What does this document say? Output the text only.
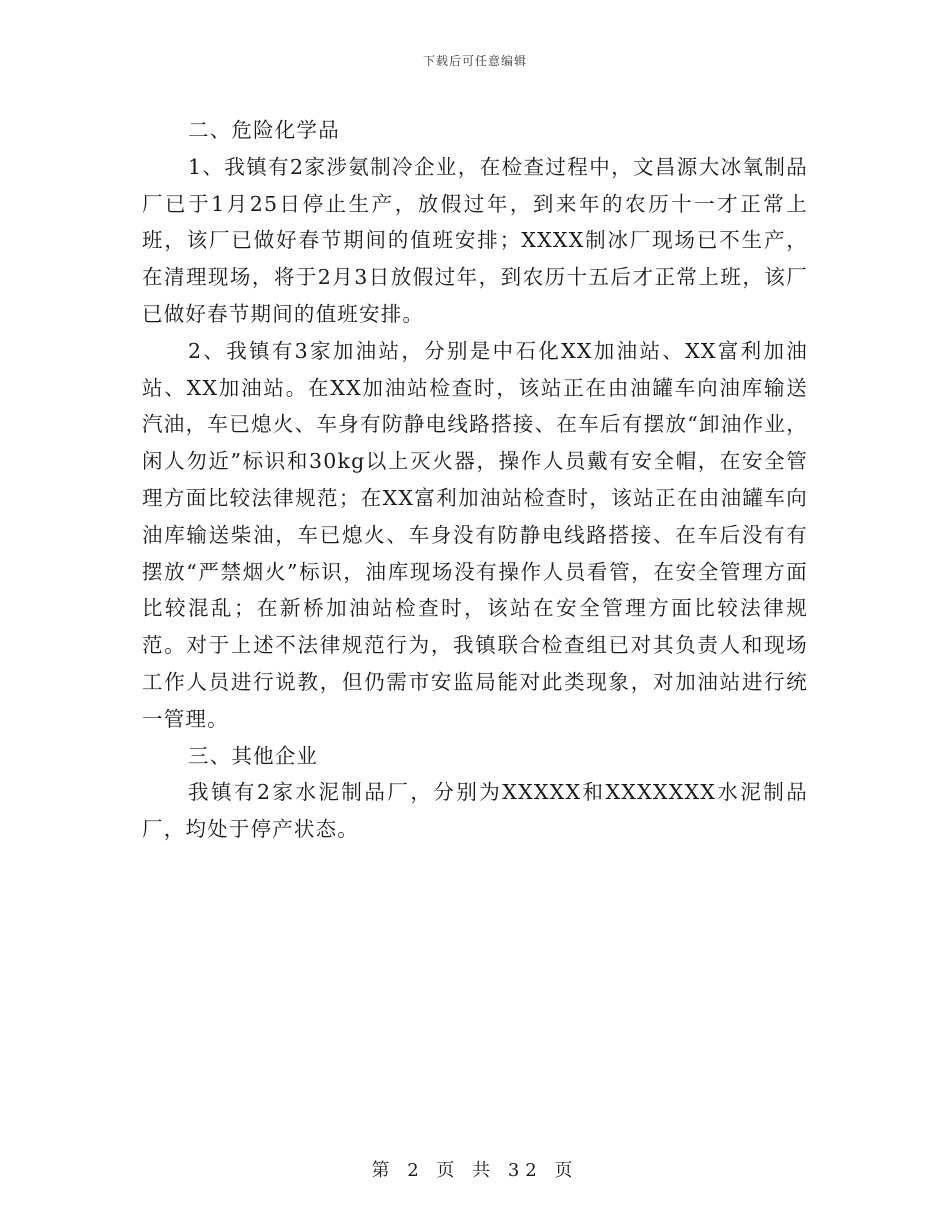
下载后可任意编辑

二、危险化学品

1、我镇有2家涉氨制冷企业，在检查过程中，文昌源大冰氧制品厂已于1月25日停止生产，放假过年，到来年的农历十一才正常上班，该厂已做好春节期间的值班安排；XXXX制冰厂现场已不生产，在清理现场，将于2月3日放假过年，到农历十五后才正常上班，该厂已做好春节期间的值班安排。

2、我镇有3家加油站，分别是中石化XX加油站、XX富利加油站、XX加油站。在XX加油站检查时，该站正在由油罐车向油库输送汽油，车已熄火、车身有防静电线路搭接、在车后有摆放“卸油作业，闲人勿近”标识和30kg以上灭火器，操作人员戴有安全帽，在安全管理方面比较法律规范；在XX富利加油站检查时，该站正在由油罐车向油库输送柴油，车已熄火、车身没有防静电线路搭接、在车后没有有摆放“严禁烟火”标识，油库现场没有操作人员看管，在安全管理方面比较混乱；在新桥加油站检查时，该站在安全管理方面比较法律规范。对于上述不法律规范行为，我镇联合检查组已对其负责人和现场工作人员进行说教，但仍需市安监局能对此类现象，对加油站进行统一管理。

三、其他企业

我镇有2家水泥制品厂，分别为XXXXX和XXXXXXX水泥制品厂，均处于停产状态。

第 2 页 共 32 页
